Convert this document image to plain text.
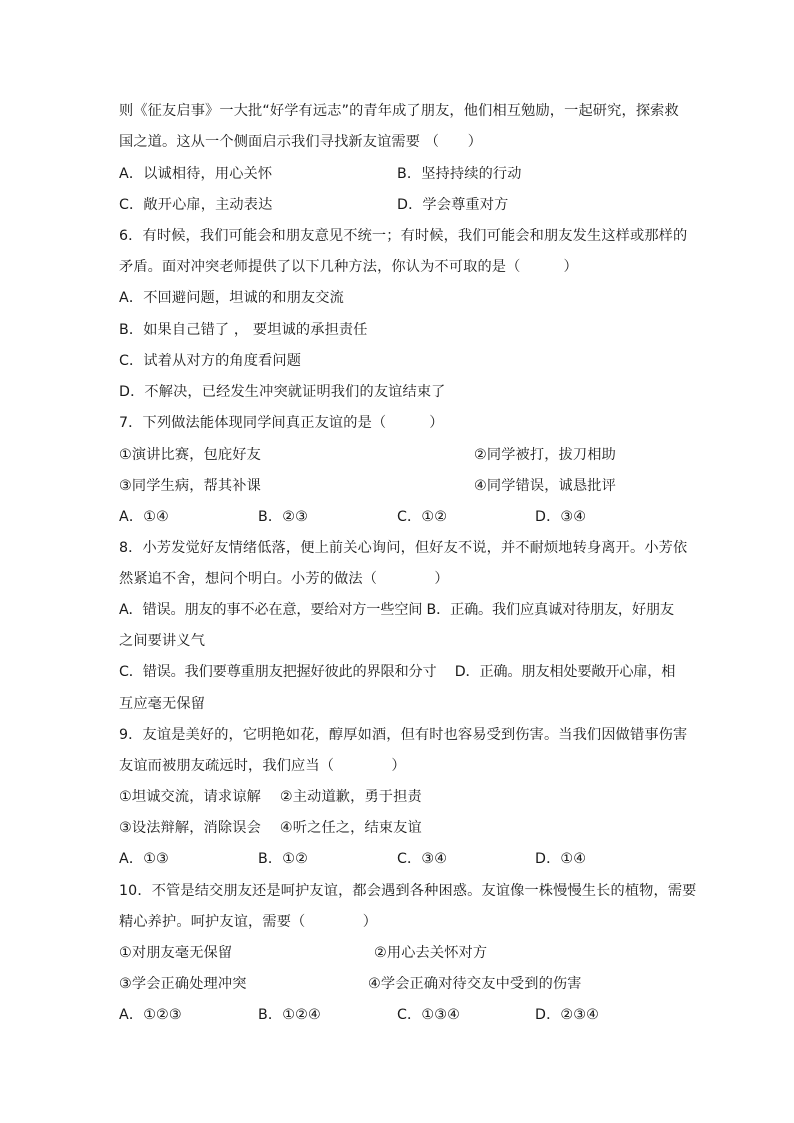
则《征友启事》一大批“好学有远志”的青年成了朋友，他们相互勉励，一起研究，探索救
国之道。这从一个侧面启示我们寻找新友谊需要 （　　）
A．以诚相待，用心关怀	B．坚持持续的行动
C．敞开心扉，主动表达	D．学会尊重对方
6．有时候，我们可能会和朋友意见不统一；有时候，我们可能会和朋友发生这样或那样的
矛盾。面对冲突老师提供了以下几种方法，你认为不可取的是（　　　）
A．不回避问题，坦诚的和朋友交流
B．如果自己错了 ， 要坦诚的承担责任
C．试着从对方的角度看问题
D．不解决，已经发生冲突就证明我们的友谊结束了
7．下列做法能体现同学间真正友谊的是（　　　）
①演讲比赛，包庇好友	②同学被打，拔刀相助
③同学生病，帮其补课	④同学错误，诚恳批评
A．①④	B．②③	C．①②	D．③④
8．小芳发觉好友情绪低落，便上前关心询问，但好友不说，并不耐烦地转身离开。小芳依
然紧追不舍，想问个明白。小芳的做法（　　　　）
A．错误。朋友的事不必在意，要给对方一些空间 B．正确。我们应真诚对待朋友，好朋友
之间要讲义气
C．错误。我们要尊重朋友把握好彼此的界限和分寸　 D．正确。朋友相处要敞开心扉，相
互应毫无保留
9．友谊是美好的，它明艳如花，醇厚如酒，但有时也容易受到伤害。当我们因做错事伤害
友谊而被朋友疏远时，我们应当（　　　　）
①坦诚交流，请求谅解　 ②主动道歉，勇于担责
③设法辩解，消除误会　 ④听之任之，结束友谊
A．①③	B．①②	C．③④	D．①④
10．不管是结交朋友还是呵护友谊，都会遇到各种困惑。友谊像一株慢慢生长的植物，需要
精心养护。呵护友谊，需要（　　　　）
①对朋友毫无保留	②用心去关怀对方
③学会正确处理冲突	④学会正确对待交友中受到的伤害
A．①②③	B．①②④	C．①③④	D．②③④
